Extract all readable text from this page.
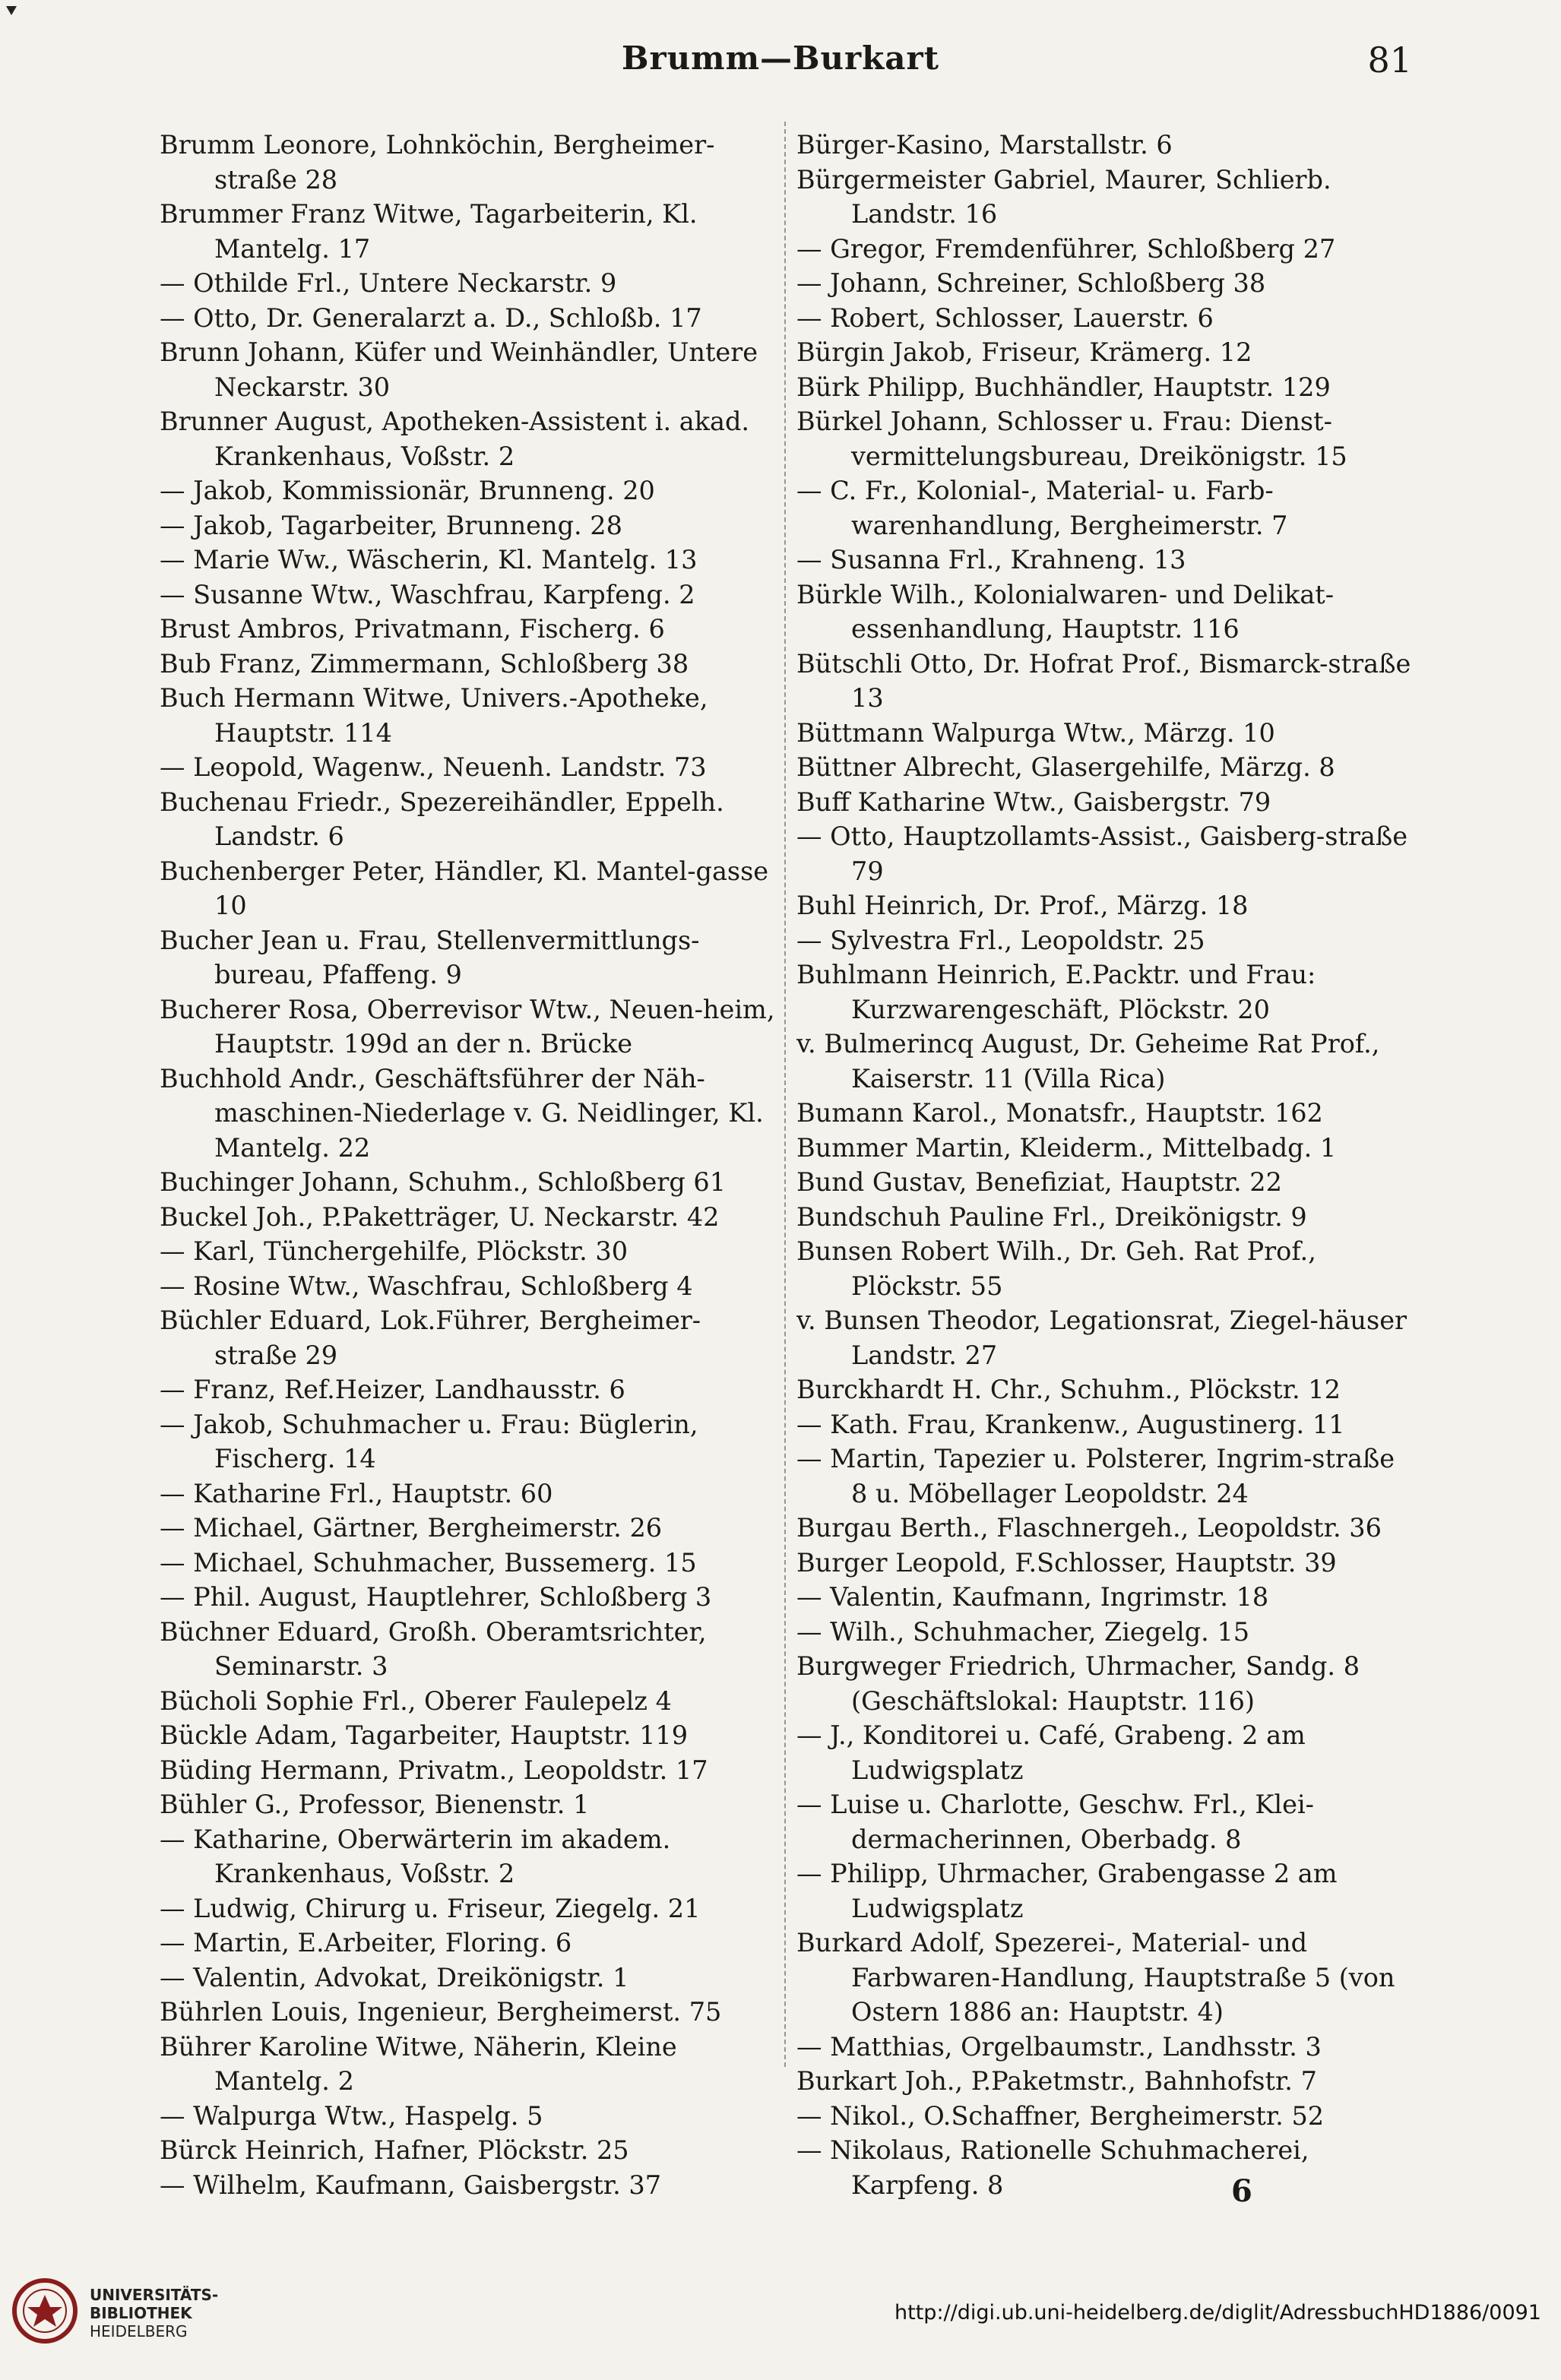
Brumm—Burkart	81

Brumm Leonore, Lohnköchin, Bergheimer-straße 28

Brummer Franz Witwe, Tagarbeiterin, Kl. Mantelg. 17

— Othilde Frl., Untere Neckarstr. 9

— Otto, Dr. Generalarzt a. D., Schloßb. 17

Brunn Johann, Küfer und Weinhändler, Untere Neckarstr. 30

Brunner August, Apotheken-Assistent i. akad. Krankenhaus, Voßstr. 2

— Jakob, Kommissionär, Brunneng. 20

— Jakob, Tagarbeiter, Brunneng. 28

— Marie Ww., Wäscherin, Kl. Mantelg. 13

— Susanne Wtw., Waschfrau, Karpfeng. 2

Brust Ambros, Privatmann, Fischerg. 6

Bub Franz, Zimmermann, Schloßberg 38

Buch Hermann Witwe, Univers.-Apotheke, Hauptstr. 114

— Leopold, Wagenw., Neuenh. Landstr. 73

Buchenau Friedr., Spezereihändler, Eppelh. Landstr. 6

Buchenberger Peter, Händler, Kl. Mantel-gasse 10

Bucher Jean u. Frau, Stellenvermittlungs-bureau, Pfaffeng. 9

Bucherer Rosa, Oberrevisor Wtw., Neuen-heim, Hauptstr. 199d an der n. Brücke

Buchhold Andr., Geschäftsführer der Näh-maschinen-Niederlage v. G. Neidlinger, Kl. Mantelg. 22

Buchinger Johann, Schuhm., Schloßberg 61

Buckel Joh., P.Paketträger, U. Neckarstr. 42

— Karl, Tünchergehilfe, Plöckstr. 30

— Rosine Wtw., Waschfrau, Schloßberg 4

Büchler Eduard, Lok.Führer, Bergheimer-straße 29

— Franz, Ref.Heizer, Landhausstr. 6

— Jakob, Schuhmacher u. Frau: Büglerin, Fischerg. 14

— Katharine Frl., Hauptstr. 60

— Michael, Gärtner, Bergheimerstr. 26

— Michael, Schuhmacher, Bussemerg. 15

— Phil. August, Hauptlehrer, Schloßberg 3

Büchner Eduard, Großh. Oberamtsrichter, Seminarstr. 3

Bücholi Sophie Frl., Oberer Faulepelz 4

Bückle Adam, Tagarbeiter, Hauptstr. 119

Büding Hermann, Privatm., Leopoldstr. 17

Bühler G., Professor, Bienenstr. 1

— Katharine, Oberwärterin im akadem. Krankenhaus, Voßstr. 2

— Ludwig, Chirurg u. Friseur, Ziegelg. 21

— Martin, E.Arbeiter, Floring. 6

— Valentin, Advokat, Dreikönigstr. 1

Bührlen Louis, Ingenieur, Bergheimerst. 75

Bührer Karoline Witwe, Näherin, Kleine Mantelg. 2

— Walpurga Wtw., Haspelg. 5

Bürck Heinrich, Hafner, Plöckstr. 25

— Wilhelm, Kaufmann, Gaisbergstr. 37

Bürger-Kasino, Marstallstr. 6

Bürgermeister Gabriel, Maurer, Schlierb. Landstr. 16

— Gregor, Fremdenführer, Schloßberg 27

— Johann, Schreiner, Schloßberg 38

— Robert, Schlosser, Lauerstr. 6

Bürgin Jakob, Friseur, Krämerg. 12

Bürk Philipp, Buchhändler, Hauptstr. 129

Bürkel Johann, Schlosser u. Frau: Dienst-vermittelungsbureau, Dreikönigstr. 15

— C. Fr., Kolonial-, Material- u. Farb-warenhandlung, Bergheimerstr. 7

— Susanna Frl., Krahneng. 13

Bürkle Wilh., Kolonialwaren- und Delikat-essenhandlung, Hauptstr. 116

Bütschli Otto, Dr. Hofrat Prof., Bismarck-straße 13

Büttmann Walpurga Wtw., Märzg. 10

Büttner Albrecht, Glasergehilfe, Märzg. 8

Buff Katharine Wtw., Gaisbergstr. 79

— Otto, Hauptzollamts-Assist., Gaisberg-straße 79

Buhl Heinrich, Dr. Prof., Märzg. 18

— Sylvestra Frl., Leopoldstr. 25

Buhlmann Heinrich, E.Packtr. und Frau: Kurzwarengeschäft, Plöckstr. 20

v. Bulmerincq August, Dr. Geheime Rat Prof., Kaiserstr. 11 (Villa Rica)

Bumann Karol., Monatsfr., Hauptstr. 162

Bummer Martin, Kleiderm., Mittelbadg. 1

Bund Gustav, Benefiziat, Hauptstr. 22

Bundschuh Pauline Frl., Dreikönigstr. 9

Bunsen Robert Wilh., Dr. Geh. Rat Prof., Plöckstr. 55

v. Bunsen Theodor, Legationsrat, Ziegel-häuser Landstr. 27

Burckhardt H. Chr., Schuhm., Plöckstr. 12

— Kath. Frau, Krankenw., Augustinerg. 11

— Martin, Tapezier u. Polsterer, Ingrim-straße 8 u. Möbellager Leopoldstr. 24

Burgau Berth., Flaschnergeh., Leopoldstr. 36

Burger Leopold, F.Schlosser, Hauptstr. 39

— Valentin, Kaufmann, Ingrimstr. 18

— Wilh., Schuhmacher, Ziegelg. 15

Burgweger Friedrich, Uhrmacher, Sandg. 8 (Geschäftslokal: Hauptstr. 116)

— J., Konditorei u. Café, Grabeng. 2 am Ludwigsplatz

— Luise u. Charlotte, Geschw. Frl., Klei-dermacherinnen, Oberbadg. 8

— Philipp, Uhrmacher, Grabengasse 2 am Ludwigsplatz

Burkard Adolf, Spezerei-, Material- und Farbwaren-Handlung, Hauptstraße 5 (von Ostern 1886 an: Hauptstr. 4)

— Matthias, Orgelbaumstr., Landhsstr. 3

Burkart Joh., P.Paketmstr., Bahnhofstr. 7

— Nikol., O.Schaffner, Bergheimerstr. 52

— Nikolaus, Rationelle Schuhmacherei, Karpfeng. 8	6
UNIVERSITÄTS-
BIBLIOTHEK
HEIDELBERG
http://digi.ub.uni-heidelberg.de/diglit/AdressbuchHD1886/0091
